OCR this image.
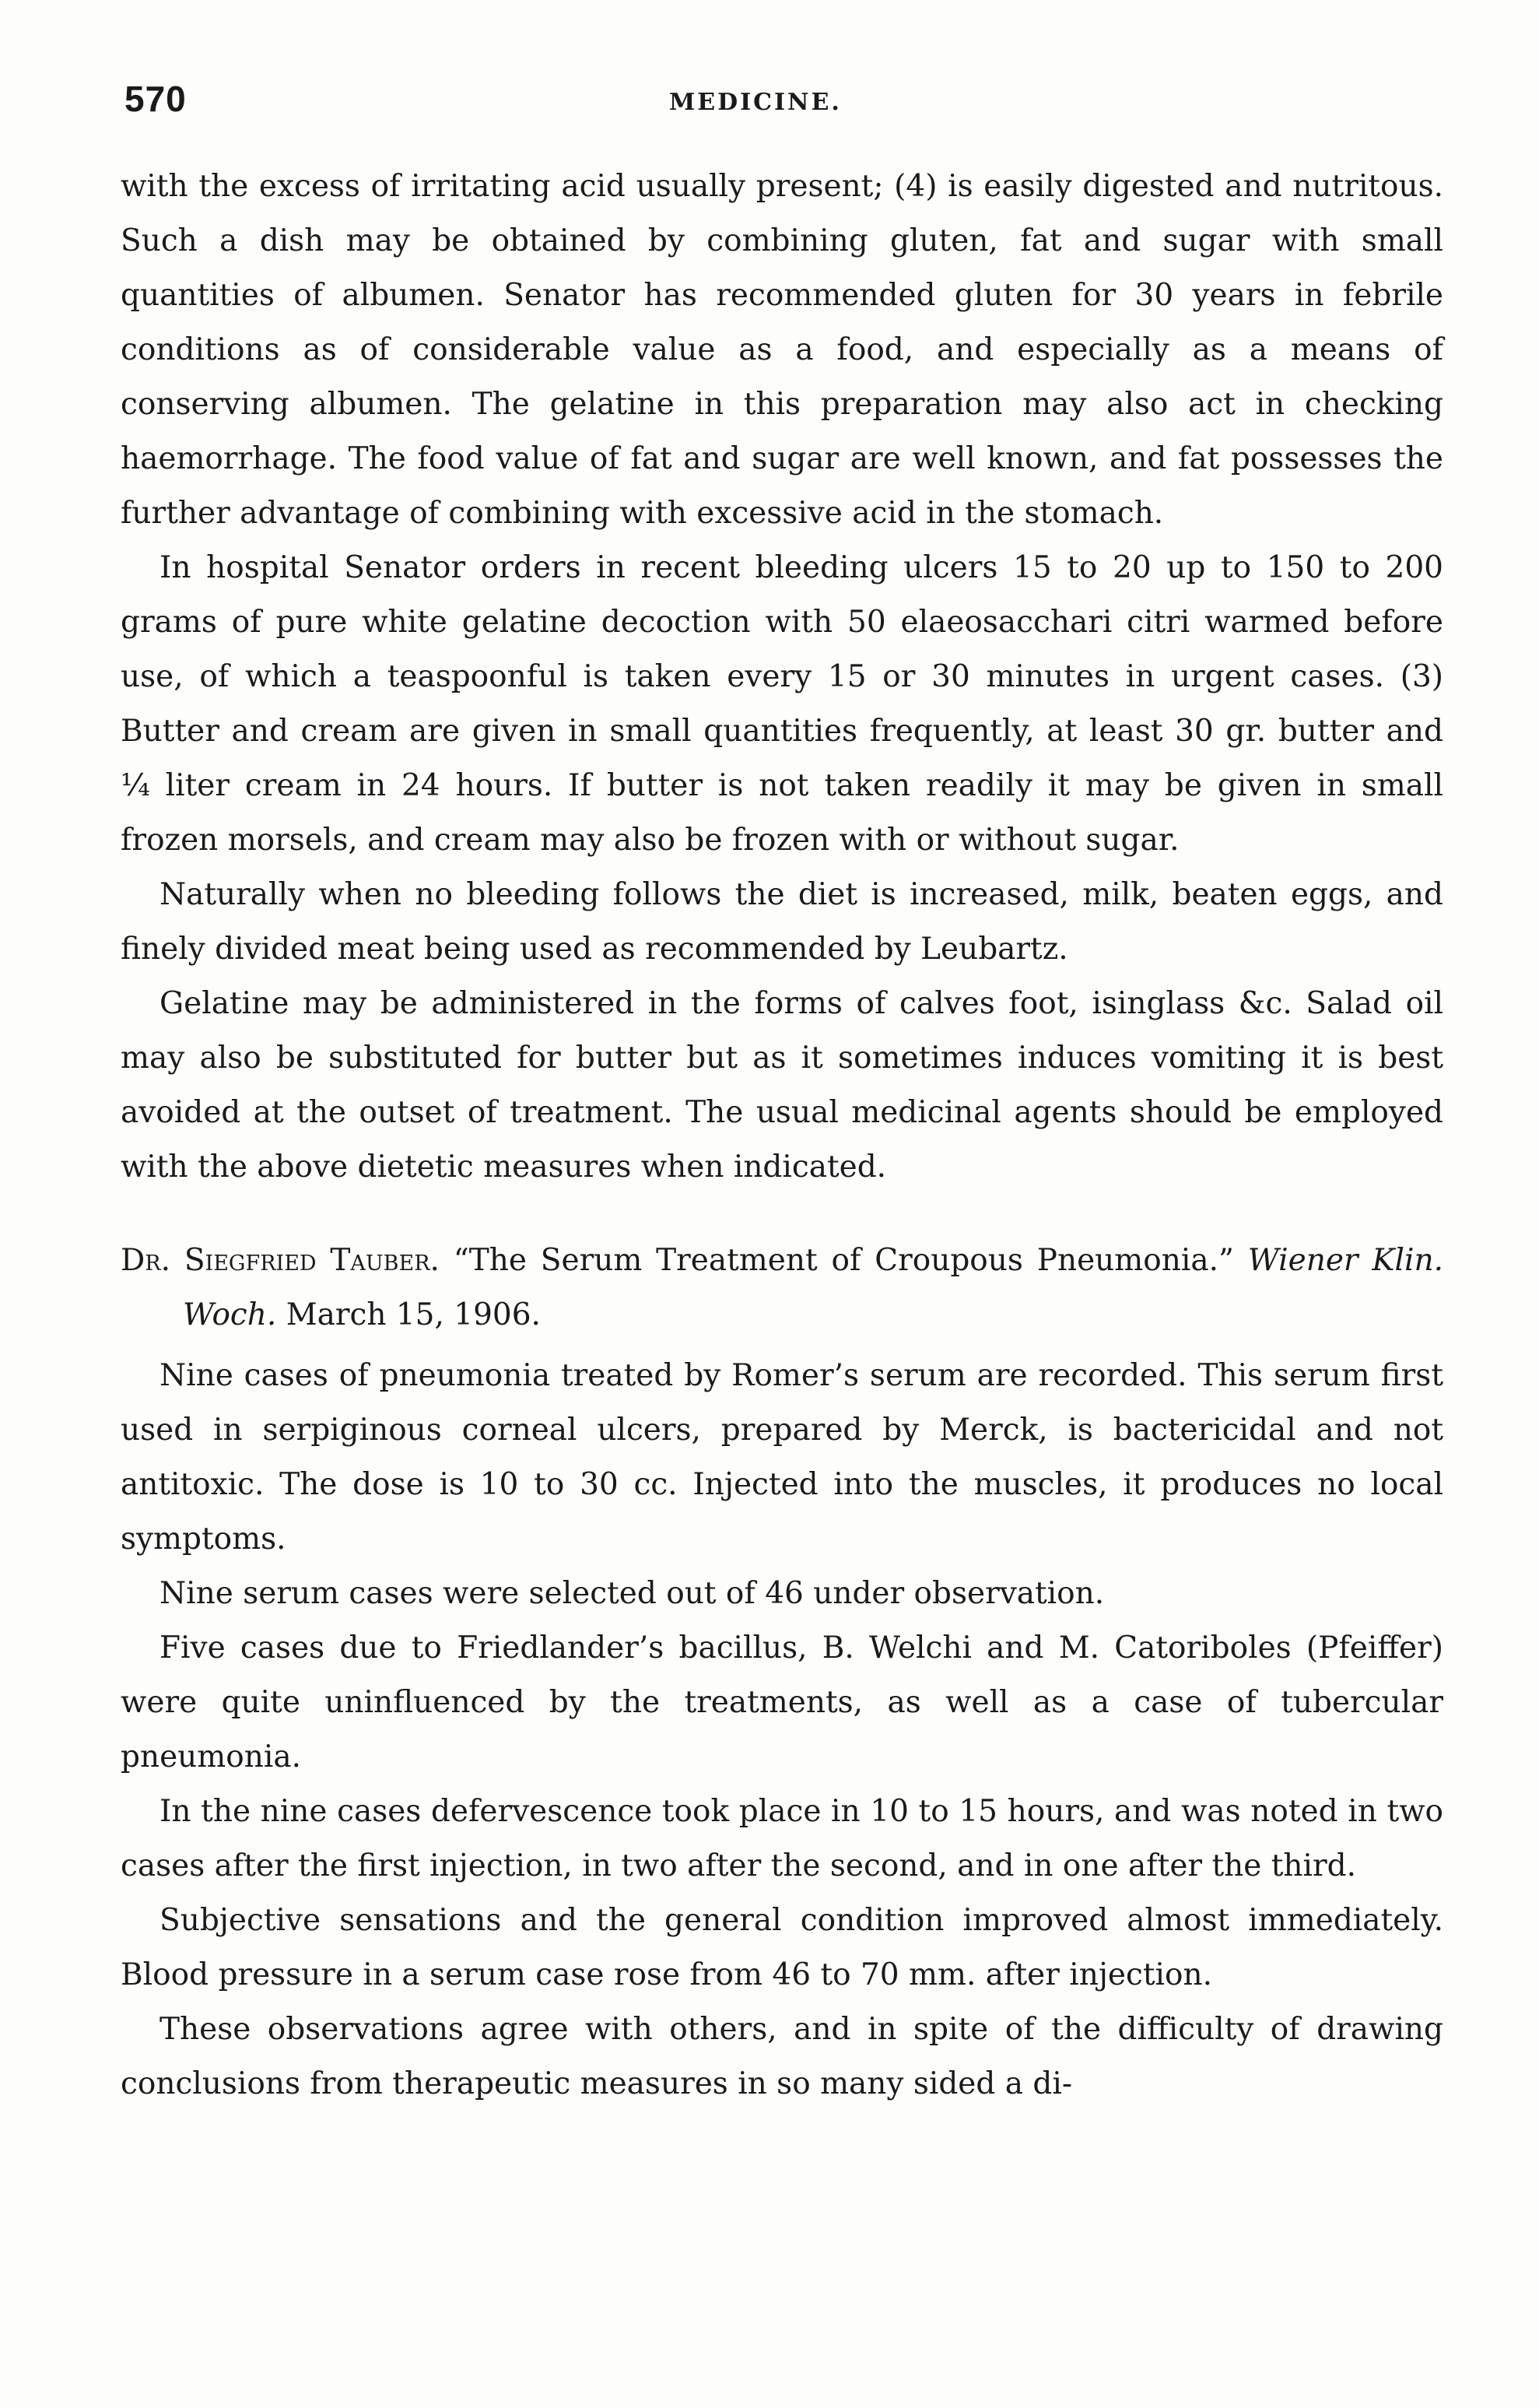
570	MEDICINE.

with the excess of irritating acid usually present; (4) is easily digested and nutritous. Such a dish may be obtained by combining gluten, fat and sugar with small quantities of albumen. Senator has recommended gluten for 30 years in febrile conditions as of considerable value as a food, and especially as a means of conserving albumen. The gelatine in this preparation may also act in checking haemorrhage. The food value of fat and sugar are well known, and fat possesses the further advantage of combining with excessive acid in the stomach.

In hospital Senator orders in recent bleeding ulcers 15 to 20 up to 150 to 200 grams of pure white gelatine decoction with 50 elaeosacchari citri warmed before use, of which a teaspoonful is taken every 15 or 30 minutes in urgent cases. (3) Butter and cream are given in small quantities frequently, at least 30 gr. butter and ¼ liter cream in 24 hours. If butter is not taken readily it may be given in small frozen morsels, and cream may also be frozen with or without sugar.

Naturally when no bleeding follows the diet is increased, milk, beaten eggs, and finely divided meat being used as recommended by Leubartz.

Gelatine may be administered in the forms of calves foot, isinglass &c. Salad oil may also be substituted for butter but as it sometimes induces vomiting it is best avoided at the outset of treatment. The usual medicinal agents should be employed with the above dietetic measures when indicated.

Dr. Siegfried Tauber. “The Serum Treatment of Croupous Pneumonia.” Wiener Klin. Woch. March 15, 1906.

Nine cases of pneumonia treated by Romer’s serum are recorded. This serum first used in serpiginous corneal ulcers, prepared by Merck, is bactericidal and not antitoxic. The dose is 10 to 30 cc. Injected into the muscles, it produces no local symptoms.

Nine serum cases were selected out of 46 under observation.

Five cases due to Friedlander’s bacillus, B. Welchi and M. Catoriboles (Pfeiffer) were quite uninfluenced by the treatments, as well as a case of tubercular pneumonia.

In the nine cases defervescence took place in 10 to 15 hours, and was noted in two cases after the first injection, in two after the second, and in one after the third.

Subjective sensations and the general condition improved almost immediately. Blood pressure in a serum case rose from 46 to 70 mm. after injection.

These observations agree with others, and in spite of the difficulty of drawing conclusions from therapeutic measures in so many sided a di-
